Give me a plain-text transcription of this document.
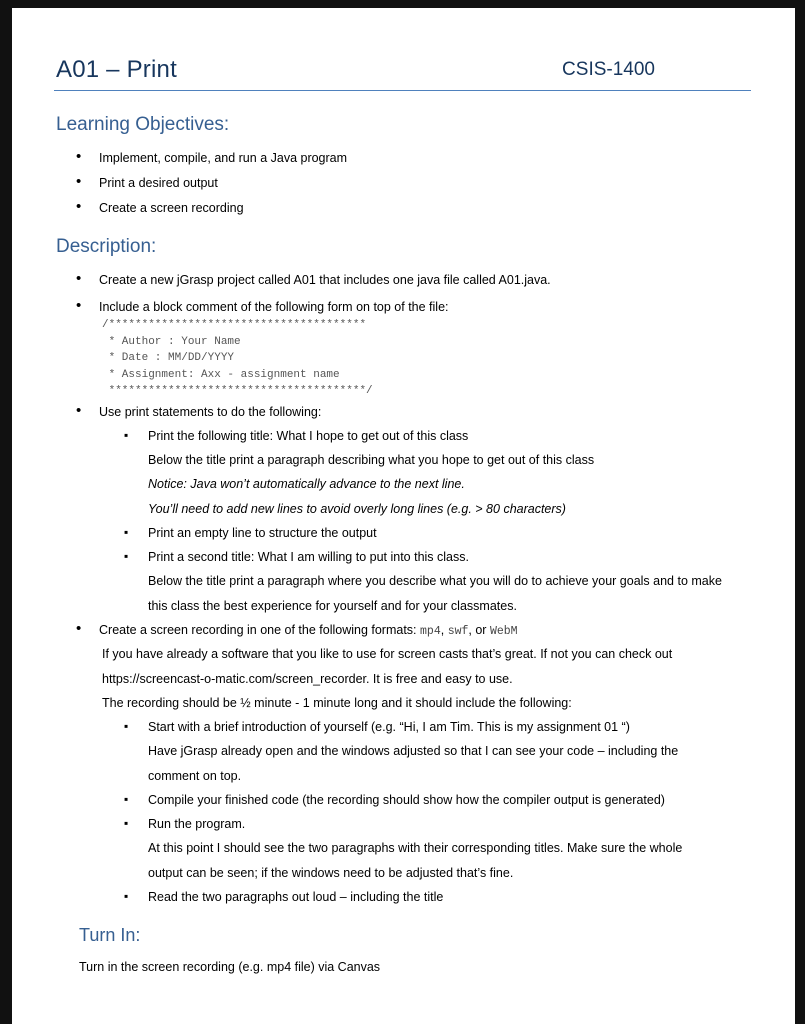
A01 – Print	CSIS-1400
Learning Objectives:
• Implement, compile, and run a Java program
• Print a desired output
• Create a screen recording
Description:
• Create a new jGrasp project called A01 that includes one java file called A01.java.
• Include a block comment of the following form on top of the file:
/***************************************
* Author : Your Name
* Date : MM/DD/YYYY
* Assignment: Axx - assignment name
***************************************/
• Use print statements to do the following:
▪ Print the following title: What I hope to get out of this class
Below the title print a paragraph describing what you hope to get out of this class
Notice: Java won’t automatically advance to the next line.
You’ll need to add new lines to avoid overly long lines (e.g. > 80 characters)
▪ Print an empty line to structure the output
▪ Print a second title: What I am willing to put into this class.
Below the title print a paragraph where you describe what you will do to achieve your goals and to make
this class the best experience for yourself and for your classmates.
• Create a screen recording in one of the following formats: mp4, swf, or WebM
If you have already a software that you like to use for screen casts that’s great. If not you can check out
https://screencast-o-matic.com/screen_recorder. It is free and easy to use.
The recording should be ½ minute - 1 minute long and it should include the following:
▪ Start with a brief introduction of yourself (e.g. “Hi, I am Tim. This is my assignment 01 “)
Have jGrasp already open and the windows adjusted so that I can see your code – including the
comment on top.
▪ Compile your finished code (the recording should show how the compiler output is generated)
▪ Run the program.
At this point I should see the two paragraphs with their corresponding titles. Make sure the whole
output can be seen; if the windows need to be adjusted that’s fine.
▪ Read the two paragraphs out loud – including the title
Turn In:
Turn in the screen recording (e.g. mp4 file) via Canvas
